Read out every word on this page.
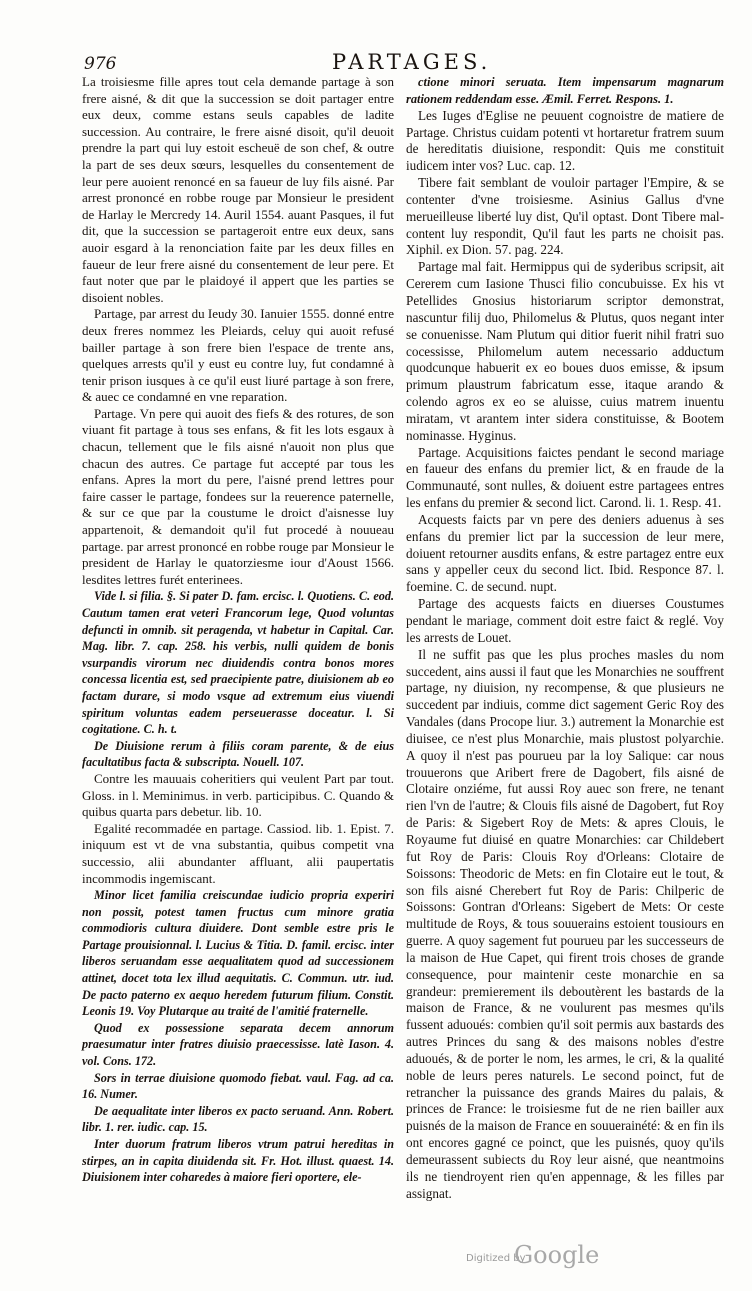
976	PARTAGES.

La troisiesme fille apres tout cela demande partage à son frere aisné, & dit que la succession se doit partager entre eux deux, comme estans seuls capables de ladite succession. Au contraire, le frere aisné disoit, qu'il deuoit prendre la part qui luy estoit escheuë de son chef, & outre la part de ses deux sœurs, lesquelles du consentement de leur pere auoient renoncé en sa faueur de luy fils aisné. Par arrest prononcé en robbe rouge par Monsieur le president de Harlay le Mercredy 14. Auril 1554. auant Pasques, il fut dit, que la succession se partageroit entre eux deux, sans auoir esgard à la renonciation faite par les deux filles en faueur de leur frere aisné du consentement de leur pere. Et faut noter que par le plaidoyé il appert que les parties se disoient nobles.

Partage, par arrest du Ieudy 30. Ianuier 1555. donné entre deux freres nommez les Pleiards, celuy qui auoit refusé bailler partage à son frere bien l'espace de trente ans, quelques arrests qu'il y eust eu contre luy, fut condamné à tenir prison iusques à ce qu'il eust liuré partage à son frere, & auec ce condamné en vne reparation.

Partage. Vn pere qui auoit des fiefs & des rotures, de son viuant fit partage à tous ses enfans, & fit les lots esgaux à chacun, tellement que le fils aisné n'auoit non plus que chacun des autres. Ce partage fut accepté par tous les enfans. Apres la mort du pere, l'aisné prend lettres pour faire casser le partage, fondees sur la reuerence paternelle, & sur ce que par la coustume le droict d'aisnesse luy appartenoit, & demandoit qu'il fut procedé à nouueau partage. par arrest prononcé en robbe rouge par Monsieur le president de Harlay le quatorziesme iour d'Aoust 1566. lesdites lettres furét enterinees.

Vide l. si filia. §. Si pater D. fam. ercisc. l. Quotiens. C. eod. Cautum tamen erat veteri Francorum lege, Quod voluntas defuncti in omnib. sit peragenda, vt habetur in Capital. Car. Mag. libr. 7. cap. 258. his verbis, nulli quidem de bonis vsurpandis virorum nec diuidendis contra bonos mores concessa licentia est, sed praecipiente patre, diuisionem ab eo factam durare, si modo vsque ad extremum eius viuendi spiritum voluntas eadem perseuerasse doceatur. l. Si cogitatione. C. h. t.

De Diuisione rerum à filiis coram parente, & de eius facultatibus facta & subscripta. Nouell. 107.

Contre les mauuais coheritiers qui veulent Part par tout. Gloss. in l. Meminimus. in verb. participibus. C. Quando & quibus quarta pars debetur. lib. 10.

Egalité recommadée en partage. Cassiod. lib. 1. Epist. 7. iniquum est vt de vna substantia, quibus competit vna successio, alii abundanter affluant, alii paupertatis incommodis ingemiscant.

Minor licet familia creiscundae iudicio propria experiri non possit, potest tamen fructus cum minore gratia commodioris cultura diuidere. Dont semble estre pris le Partage prouisionnal. l. Lucius & Titia. D. famil. ercisc. inter liberos seruandam esse aequalitatem quod ad successionem attinet, docet tota lex illud aequitatis. C. Commun. utr. iud. De pacto paterno ex aequo heredem futurum filium. Constit. Leonis 19. Voy Plutarque au traité de l'amitié fraternelle.

Quod ex possessione separata decem annorum praesumatur inter fratres diuisio praecessisse. latè Iason. 4. vol. Cons. 172.

Sors in terrae diuisione quomodo fiebat. vaul. Fag. ad ca. 16. Numer.

De aequalitate inter liberos ex pacto seruand. Ann. Robert. libr. 1. rer. iudic. cap. 15.

Inter duorum fratrum liberos vtrum patrui hereditas in stirpes, an in capita diuidenda sit. Fr. Hot. illust. quaest. 14. Diuisionem inter coharedes à maiore fieri oportere, ele-

ctione minori seruata. Item impensarum magnarum rationem reddendam esse. Æmil. Ferret. Respons. 1.

Les Iuges d'Eglise ne peuuent cognoistre de matiere de Partage. Christus cuidam potenti vt hortaretur fratrem suum de hereditatis diuisione, respondit: Quis me constituit iudicem inter vos? Luc. cap. 12.

Tibere fait semblant de vouloir partager l'Empire, & se contenter d'vne troisiesme. Asinius Gallus d'vne merueilleuse liberté luy dist, Qu'il optast. Dont Tibere mal-content luy respondit, Qu'il faut les parts ne choisit pas. Xiphil. ex Dion. 57. pag. 224.

Partage mal fait. Hermippus qui de syderibus scripsit, ait Cererem cum Iasione Thusci filio concubuisse. Ex his vt Petellides Gnosius historiarum scriptor demonstrat, nascuntur filij duo, Philomelus & Plutus, quos negant inter se conuenisse. Nam Plutum qui ditior fuerit nihil fratri suo cocessisse, Philomelum autem necessario adductum quodcunque habuerit ex eo boues duos emisse, & ipsum primum plaustrum fabricatum esse, itaque arando & colendo agros ex eo se aluisse, cuius matrem inuentu miratam, vt arantem inter sidera constituisse, & Bootem nominasse. Hyginus.

Partage. Acquisitions faictes pendant le second mariage en faueur des enfans du premier lict, & en fraude de la Communauté, sont nulles, & doiuent estre partagees entres les enfans du premier & second lict. Carond. li. 1. Resp. 41.

Acquests faicts par vn pere des deniers aduenus à ses enfans du premier lict par la succession de leur mere, doiuent retourner ausdits enfans, & estre partagez entre eux sans y appeller ceux du second lict. Ibid. Responce 87. l. foemine. C. de secund. nupt.

Partage des acquests faicts en diuerses Coustumes pendant le mariage, comment doit estre faict & reglé. Voy les arrests de Louet.

Il ne suffit pas que les plus proches masles du nom succedent, ains aussi il faut que les Monarchies ne souffrent partage, ny diuision, ny recompense, & que plusieurs ne succedent par indiuis, comme dict sagement Geric Roy des Vandales (dans Procope liur. 3.) autrement la Monarchie est diuisee, ce n'est plus Monarchie, mais plustost polyarchie. A quoy il n'est pas pourueu par la loy Salique: car nous trouuerons que Aribert frere de Dagobert, fils aisné de Clotaire onziéme, fut aussi Roy auec son frere, ne tenant rien l'vn de l'autre; & Clouis fils aisné de Dagobert, fut Roy de Paris: & Sigebert Roy de Mets: & apres Clouis, le Royaume fut diuisé en quatre Monarchies: car Childebert fut Roy de Paris: Clouis Roy d'Orleans: Clotaire de Soissons: Theodoric de Mets: en fin Clotaire eut le tout, & son fils aisné Cherebert fut Roy de Paris: Chilperic de Soissons: Gontran d'Orleans: Sigebert de Mets: Or ceste multitude de Roys, & tous souuerains estoient tousiours en guerre. A quoy sagement fut pourueu par les successeurs de la maison de Hue Capet, qui firent trois choses de grande consequence, pour maintenir ceste monarchie en sa grandeur: premierement ils deboutèrent les bastards de la maison de France, & ne voulurent pas mesmes qu'ils fussent aduoués: combien qu'il soit permis aux bastards des autres Princes du sang & des maisons nobles d'estre aduoués, & de porter le nom, les armes, le cri, & la qualité noble de leurs peres naturels. Le second poinct, fut de retrancher la puissance des grands Maires du palais, & princes de France: le troisiesme fut de ne rien bailler aux puisnés de la maison de France en souuerainété: & en fin ils ont encores gagné ce poinct, que les puisnés, quoy qu'ils demeurassent subiects du Roy leur aisné, que neantmoins ils ne tiendroyent rien qu'en appennage, & les filles par assignat.

Digitized by
Google
